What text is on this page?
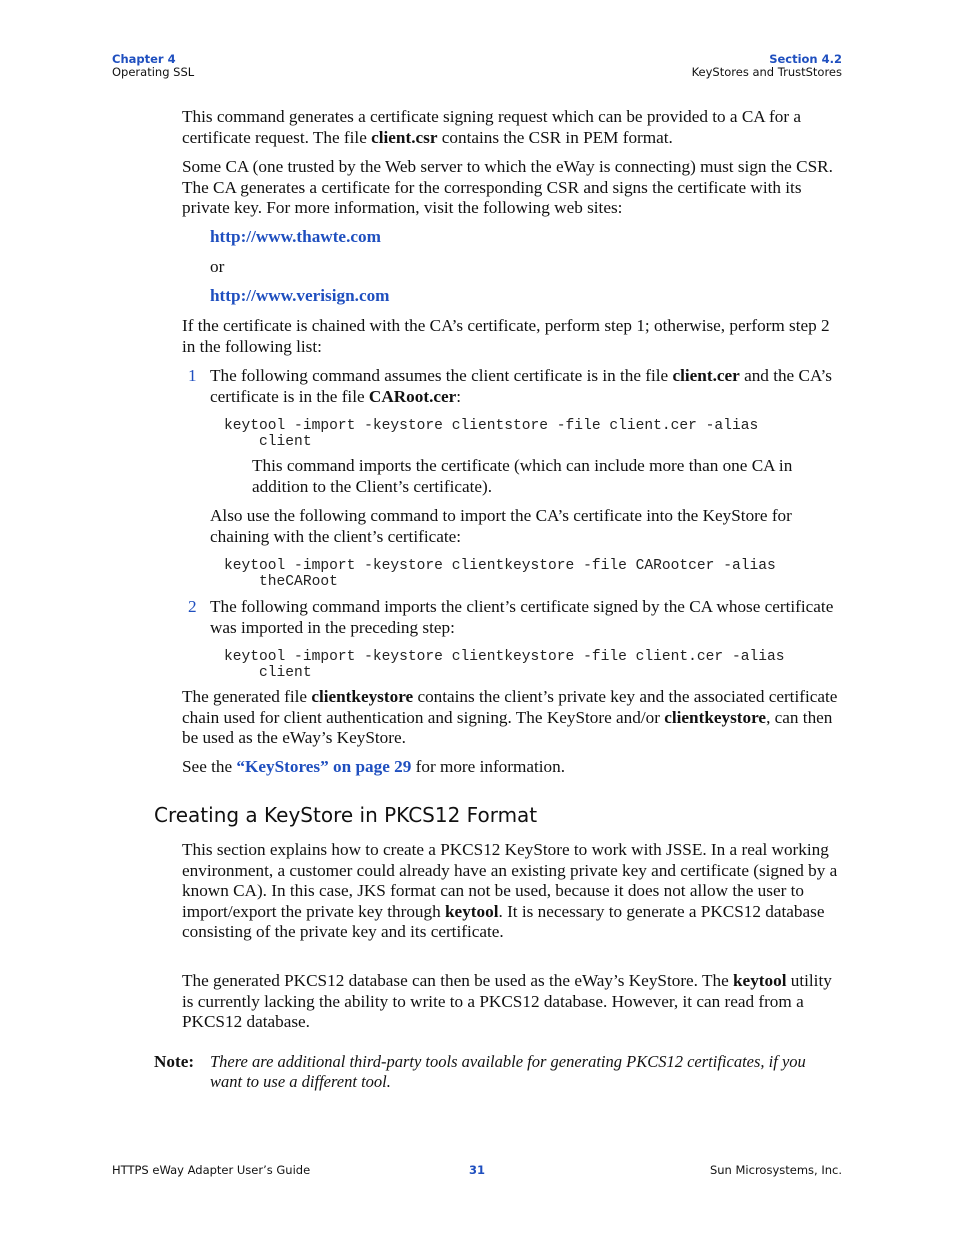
Chapter 4
Operating SSL
Section 4.2
KeyStores and TrustStores
This command generates a certificate signing request which can be provided to a CA for a certificate request. The file client.csr contains the CSR in PEM format.
Some CA (one trusted by the Web server to which the eWay is connecting) must sign the CSR. The CA generates a certificate for the corresponding CSR and signs the certificate with its private key. For more information, visit the following web sites:
http://www.thawte.com
or
http://www.verisign.com
If the certificate is chained with the CA’s certificate, perform step 1; otherwise, perform step 2 in the following list:
1 The following command assumes the client certificate is in the file client.cer and the CA’s certificate is in the file CARoot.cer:
keytool -import -keystore clientstore -file client.cer -alias
client
This command imports the certificate (which can include more than one CA in addition to the Client’s certificate).
Also use the following command to import the CA’s certificate into the KeyStore for chaining with the client’s certificate:
keytool -import -keystore clientkeystore -file CARootcer -alias
theCARoot
2 The following command imports the client’s certificate signed by the CA whose certificate was imported in the preceding step:
keytool -import -keystore clientkeystore -file client.cer -alias
client
The generated file clientkeystore contains the client’s private key and the associated certificate chain used for client authentication and signing. The KeyStore and/or clientkeystore, can then be used as the eWay’s KeyStore.
See the “KeyStores” on page 29 for more information.
Creating a KeyStore in PKCS12 Format
This section explains how to create a PKCS12 KeyStore to work with JSSE. In a real working environment, a customer could already have an existing private key and certificate (signed by a known CA). In this case, JKS format can not be used, because it does not allow the user to import/export the private key through keytool. It is necessary to generate a PKCS12 database consisting of the private key and its certificate.
The generated PKCS12 database can then be used as the eWay’s KeyStore. The keytool utility is currently lacking the ability to write to a PKCS12 database. However, it can read from a PKCS12 database.
Note: There are additional third-party tools available for generating PKCS12 certificates, if you want to use a different tool.
HTTPS eWay Adapter User’s Guide	31	Sun Microsystems, Inc.
